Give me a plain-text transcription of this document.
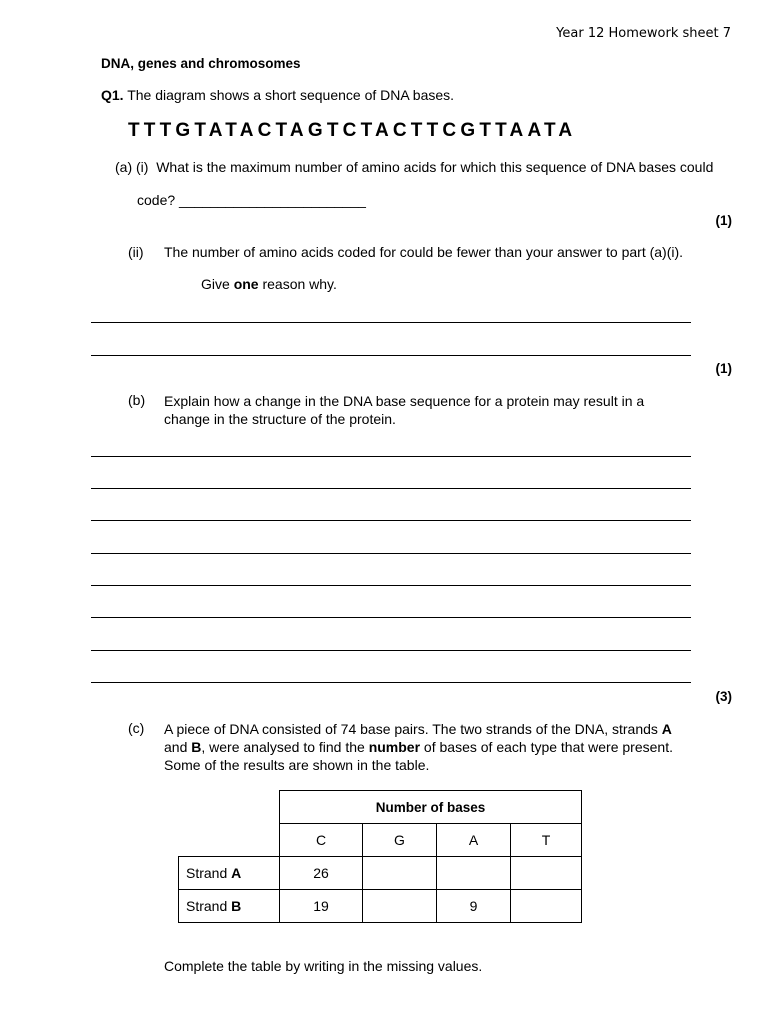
Year 12 Homework sheet 7
DNA, genes and chromosomes
Q1. The diagram shows a short sequence of DNA bases.
TTTGTATACTAGTCTACTTCGTTAATA
(a) (i) What is the maximum number of amino acids for which this sequence of DNA bases could
code? ________________________
(1)
(ii) The number of amino acids coded for could be fewer than your answer to part (a)(i).
Give one reason why.
(1)
(b) Explain how a change in the DNA base sequence for a protein may result in a change in the structure of the protein.
(3)
(c) A piece of DNA consisted of 74 base pairs. The two strands of the DNA, strands A and B, were analysed to find the number of bases of each type that were present. Some of the results are shown in the table.
	Number of bases			
	C	G	A	T
Strand A	26			
Strand B	19		9	
Complete the table by writing in the missing values.
